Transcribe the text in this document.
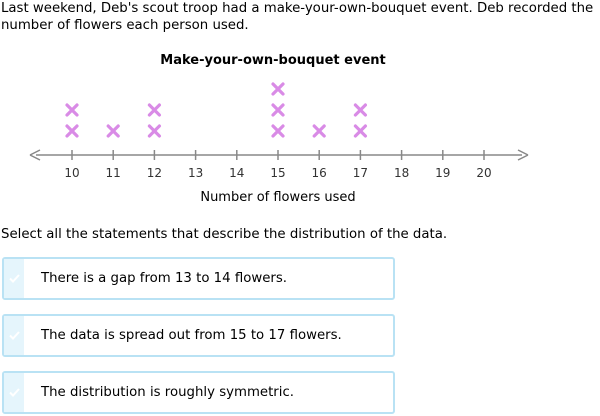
Last weekend, Deb's scout troop had a make-your-own-bouquet event. Deb recorded the number of flowers each person used.

Make-your-own-bouquet event
10 11 12 13 14 15 16 17 18 19 20
Number of flowers used

Select all the statements that describe the distribution of the data.

There is a gap from 13 to 14 flowers.
The data is spread out from 15 to 17 flowers.
The distribution is roughly symmetric.
